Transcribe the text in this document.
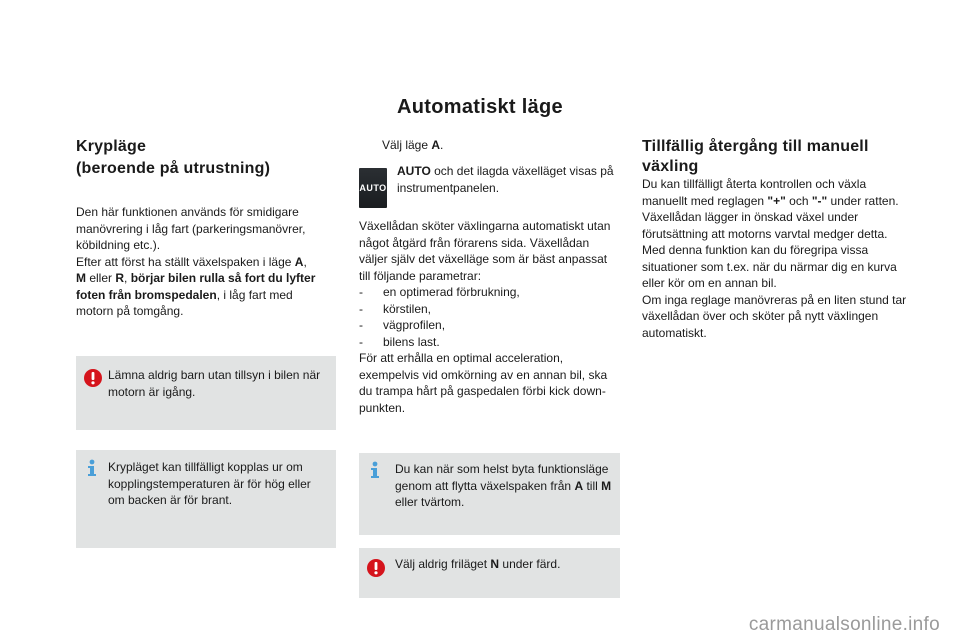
Automatiskt läge
Krypläge
(beroende på utrustning)

Den här funktionen används för smidigare manövrering i låg fart (parkeringsmanövrer, köbildning etc.).

Efter att först ha ställt växelspaken i läge A,
M eller R, börjar bilen rulla så fort du lyfter foten från bromspedalen, i låg fart med motorn på tomgång.

Lämna aldrig barn utan tillsyn i bilen när motorn är igång.
Krypläget kan tillfälligt kopplas ur om kopplingstemperaturen är för hög eller om backen är för brant.
Välj läge A.
AUTO
AUTO och det ilagda växelläget visas på instrumentpanelen.

Växellådan sköter växlingarna automatiskt utan något åtgärd från förarens sida. Växellådan väljer själv det växelläge som är bäst anpassat till följande parametrar:

-	en optimerad förbrukning,
-	körstilen,
-	vägprofilen,
-	bilens last.

För att erhålla en optimal acceleration, exempelvis vid omkörning av en annan bil, ska du trampa hårt på gaspedalen förbi kick down-punkten.

Du kan när som helst byta funktionsläge genom att flytta växelspaken från A till M eller tvärtom.
Välj aldrig friläget N under färd.
Tillfällig återgång till manuell
växling

Du kan tillfälligt återta kontrollen och växla manuellt med reglagen "+" och "-" under ratten. Växellådan lägger in önskad växel under förutsättning att motorns varvtal medger detta.

Med denna funktion kan du föregripa vissa situationer som t.ex. när du närmar dig en kurva eller kör om en annan bil.

Om inga reglage manövreras på en liten stund tar växellådan över och sköter på nytt växlingen automatiskt.

carmanualsonline.info
